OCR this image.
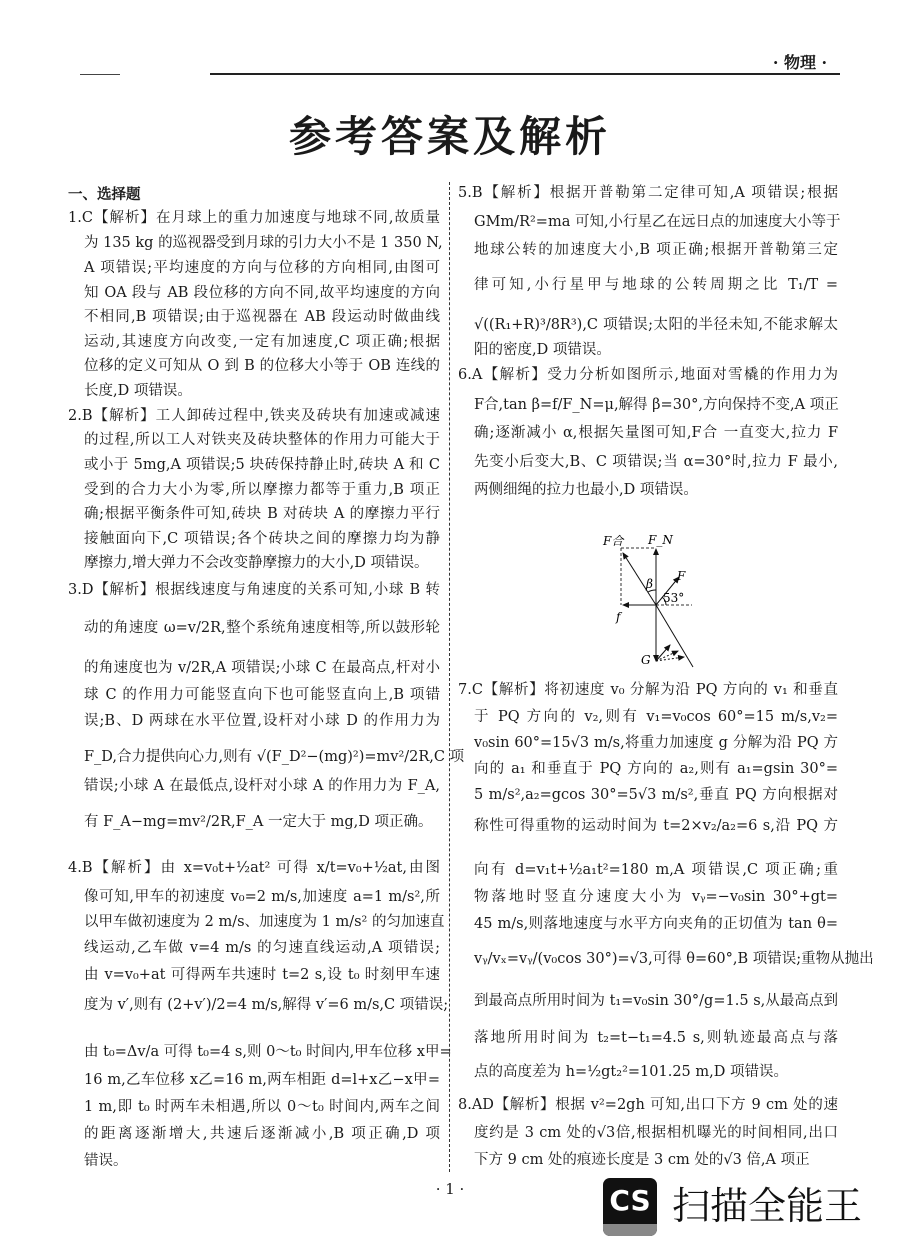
· 物理 ·
参考答案及解析
一、选择题
1.C【解析】在月球上的重力加速度与地球不同,故质量
为 135 kg 的巡视器受到月球的引力大小不是 1 350 N,
A 项错误;平均速度的方向与位移的方向相同,由图可
知 OA 段与 AB 段位移的方向不同,故平均速度的方向
不相同,B 项错误;由于巡视器在 AB 段运动时做曲线
运动,其速度方向改变,一定有加速度,C 项正确;根据
位移的定义可知从 O 到 B 的位移大小等于 OB 连线的
长度,D 项错误。
2.B【解析】工人卸砖过程中,铁夹及砖块有加速或减速
的过程,所以工人对铁夹及砖块整体的作用力可能大于
或小于 5mg,A 项错误;5 块砖保持静止时,砖块 A 和 C
受到的合力大小为零,所以摩擦力都等于重力,B 项正
确;根据平衡条件可知,砖块 B 对砖块 A 的摩擦力平行
接触面向下,C 项错误;各个砖块之间的摩擦力均为静
摩擦力,增大弹力不会改变静摩擦力的大小,D 项错误。
3.D【解析】根据线速度与角速度的关系可知,小球 B 转
动的角速度 ω=v/2R,整个系统角速度相等,所以鼓形轮
的角速度也为 v/2R,A 项错误;小球 C 在最高点,杆对小
球 C 的作用力可能竖直向下也可能竖直向上,B 项错
误;B、D 两球在水平位置,设杆对小球 D 的作用力为
F_D,合力提供向心力,则有 √(F_D²−(mg)²)=mv²/2R,C 项
错误;小球 A 在最低点,设杆对小球 A 的作用力为 F_A,
有 F_A−mg=mv²/2R,F_A 一定大于 mg,D 项正确。
4.B【解析】由 x=v₀t+½at² 可得 x/t=v₀+½at,由图
像可知,甲车的初速度 v₀=2 m/s,加速度 a=1 m/s²,所
以甲车做初速度为 2 m/s、加速度为 1 m/s² 的匀加速直
线运动,乙车做 v=4 m/s 的匀速直线运动,A 项错误;
由 v=v₀+at 可得两车共速时 t=2 s,设 t₀ 时刻甲车速
度为 v′,则有 (2+v′)/2=4 m/s,解得 v′=6 m/s,C 项错误;
由 t₀=Δv/a 可得 t₀=4 s,则 0～t₀ 时间内,甲车位移 x甲=
16 m,乙车位移 x乙=16 m,两车相距 d=l+x乙−x甲=
1 m,即 t₀ 时两车未相遇,所以 0～t₀ 时间内,两车之间
的距离逐渐增大,共速后逐渐减小,B 项正确,D 项
错误。
5.B【解析】根据开普勒第二定律可知,A 项错误;根据
GMm/R²=ma 可知,小行星乙在远日点的加速度大小等于
地球公转的加速度大小,B 项正确;根据开普勒第三定
律可知,小行星甲与地球的公转周期之比 T₁/T =
√((R₁+R)³/8R³),C 项错误;太阳的半径未知,不能求解太
阳的密度,D 项错误。
6.A【解析】受力分析如图所示,地面对雪橇的作用力为
F合,tan β=f/F_N=μ,解得 β=30°,方向保持不变,A 项正
确;逐渐减小 α,根据矢量图可知,F合 一直变大,拉力 F
先变小后变大,B、C 项错误;当 α=30°时,拉力 F 最小,
两侧细绳的拉力也最小,D 项错误。
7.C【解析】将初速度 v₀ 分解为沿 PQ 方向的 v₁ 和垂直
于 PQ 方向的 v₂,则有 v₁=v₀cos 60°=15 m/s,v₂=
v₀sin 60°=15√3 m/s,将重力加速度 g 分解为沿 PQ 方
向的 a₁ 和垂直于 PQ 方向的 a₂,则有 a₁=gsin 30°=
5 m/s²,a₂=gcos 30°=5√3 m/s²,垂直 PQ 方向根据对
称性可得重物的运动时间为 t=2×v₂/a₂=6 s,沿 PQ 方
向有 d=v₁t+½a₁t²=180 m,A 项错误,C 项正确;重
物落地时竖直分速度大小为 vᵧ=−v₀sin 30°+gt=
45 m/s,则落地速度与水平方向夹角的正切值为 tan θ=
vᵧ/vₓ=vᵧ/(v₀cos 30°)=√3,可得 θ=60°,B 项错误;重物从抛出
到最高点所用时间为 t₁=v₀sin 30°/g=1.5 s,从最高点到
落地所用时间为 t₂=t−t₁=4.5 s,则轨迹最高点与落
点的高度差为 h=½gt₂²=101.25 m,D 项错误。
8.AD【解析】根据 v²=2gh 可知,出口下方 9 cm 处的速
度约是 3 cm 处的√3倍,根据相机曝光的时间相同,出口
下方 9 cm 处的痕迹长度是 3 cm 处的√3 倍,A 项正
F合 F_N
β
F
53°
f
G
· 1 ·	CS 扫描全能王
